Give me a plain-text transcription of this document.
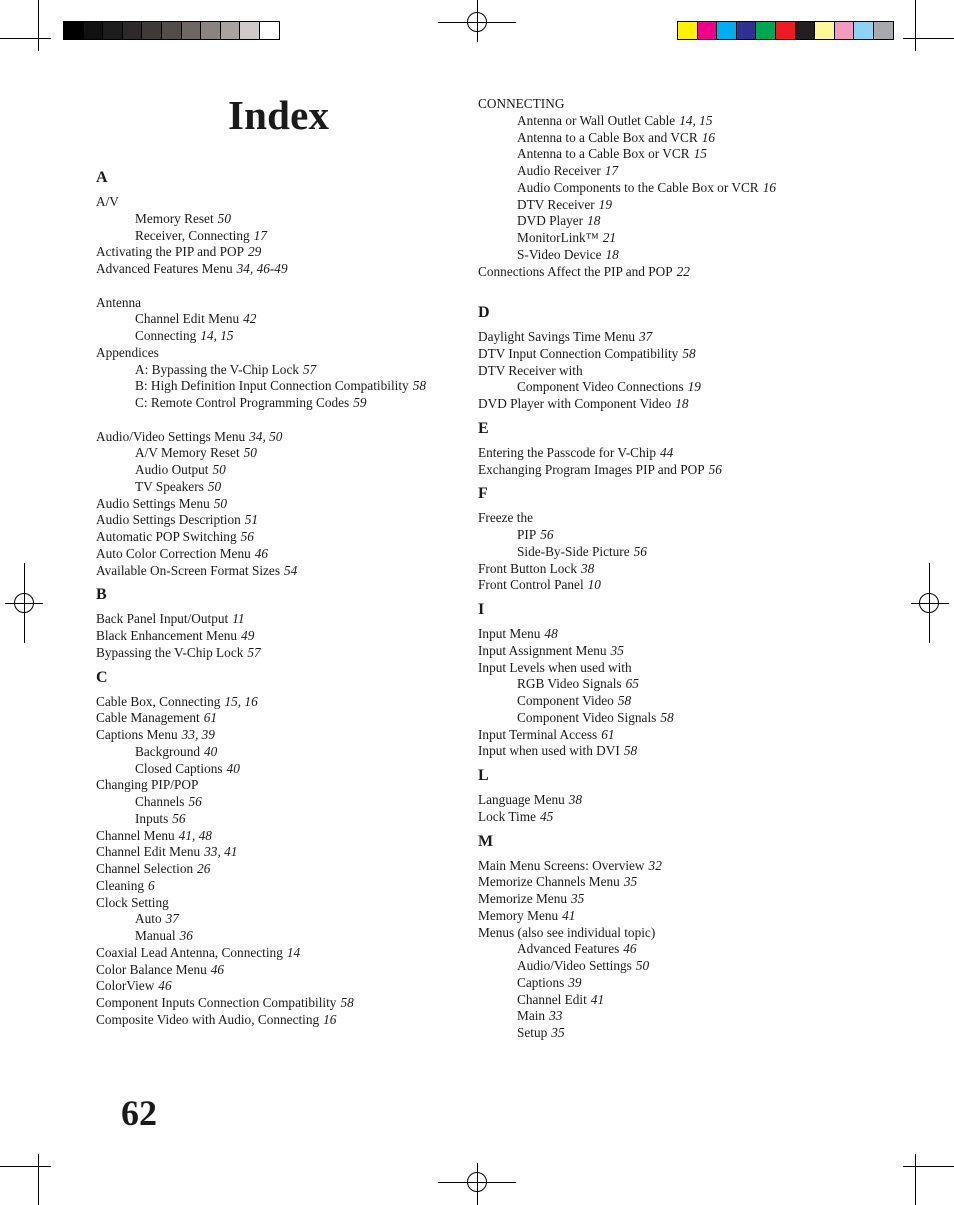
Index
A
A/V
Memory Reset 50
Receiver, Connecting 17
Activating the PIP and POP 29
Advanced Features Menu 34, 46-49
Antenna
Channel Edit Menu 42
Connecting 14, 15
Appendices
A: Bypassing the V-Chip Lock 57
B: High Definition Input Connection Compatibility 58
C: Remote Control Programming Codes 59
Audio/Video Settings Menu 34, 50
A/V Memory Reset 50
Audio Output 50
TV Speakers 50
Audio Settings Menu 50
Audio Settings Description 51
Automatic POP Switching 56
Auto Color Correction Menu 46
Available On-Screen Format Sizes 54
B
Back Panel Input/Output 11
Black Enhancement Menu 49
Bypassing the V-Chip Lock 57
C
Cable Box, Connecting 15, 16
Cable Management 61
Captions Menu 33, 39
Background 40
Closed Captions 40
Changing PIP/POP
Channels 56
Inputs 56
Channel Menu 41, 48
Channel Edit Menu 33, 41
Channel Selection 26
Cleaning 6
Clock Setting
Auto 37
Manual 36
Coaxial Lead Antenna, Connecting 14
Color Balance Menu 46
ColorView 46
Component Inputs Connection Compatibility 58
Composite Video with Audio, Connecting 16
CONNECTING
Antenna or Wall Outlet Cable 14, 15
Antenna to a Cable Box and VCR 16
Antenna to a Cable Box or VCR 15
Audio Receiver 17
Audio Components to the Cable Box or VCR 16
DTV Receiver 19
DVD Player 18
MonitorLink™ 21
S-Video Device 18
Connections Affect the PIP and POP 22
D
Daylight Savings Time Menu 37
DTV Input Connection Compatibility 58
DTV Receiver with
Component Video Connections 19
DVD Player with Component Video 18
E
Entering the Passcode for V-Chip 44
Exchanging Program Images PIP and POP 56
F
Freeze the
PIP 56
Side-By-Side Picture 56
Front Button Lock 38
Front Control Panel 10
I
Input Menu 48
Input Assignment Menu 35
Input Levels when used with
RGB Video Signals 65
Component Video 58
Component Video Signals 58
Input Terminal Access 61
Input when used with DVI 58
L
Language Menu 38
Lock Time 45
M
Main Menu Screens: Overview 32
Memorize Channels Menu 35
Memorize Menu 35
Memory Menu 41
Menus (also see individual topic)
Advanced Features 46
Audio/Video Settings 50
Captions 39
Channel Edit 41
Main 33
Setup 35
62
